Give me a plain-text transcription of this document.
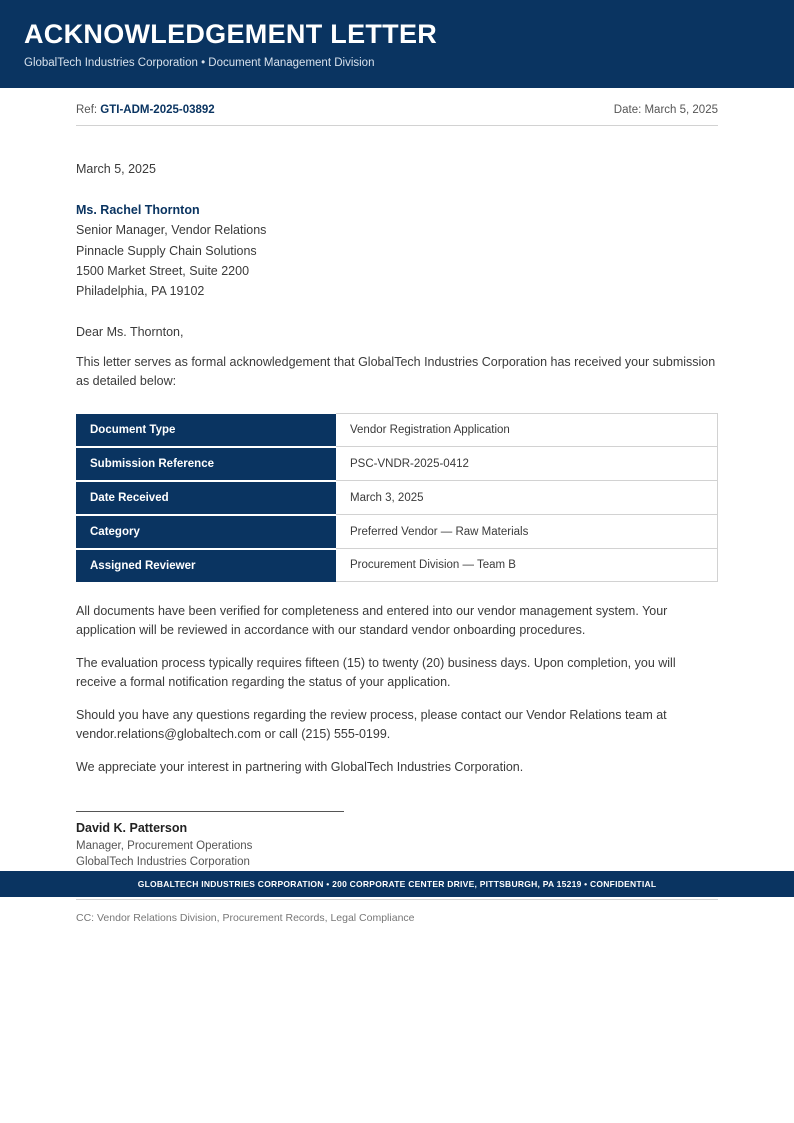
ACKNOWLEDGEMENT LETTER
GlobalTech Industries Corporation • Document Management Division
Ref: GTI-ADM-2025-03892	Date: March 5, 2025
March 5, 2025
Ms. Rachel Thornton
Senior Manager, Vendor Relations
Pinnacle Supply Chain Solutions
1500 Market Street, Suite 2200
Philadelphia, PA 19102
Dear Ms. Thornton,
This letter serves as formal acknowledgement that GlobalTech Industries Corporation has received your submission as detailed below:
Document Type	Vendor Registration Application
Submission Reference	PSC-VNDR-2025-0412
Date Received	March 3, 2025
Category	Preferred Vendor — Raw Materials
Assigned Reviewer	Procurement Division — Team B
All documents have been verified for completeness and entered into our vendor management system. Your application will be reviewed in accordance with our standard vendor onboarding procedures.
The evaluation process typically requires fifteen (15) to twenty (20) business days. Upon completion, you will receive a formal notification regarding the status of your application.
Should you have any questions regarding the review process, please contact our Vendor Relations team at vendor.relations@globaltech.com or call (215) 555-0199.
We appreciate your interest in partnering with GlobalTech Industries Corporation.
David K. Patterson
Manager, Procurement Operations
GlobalTech Industries Corporation
CC: Vendor Relations Division, Procurement Records, Legal Compliance
GLOBALTECH INDUSTRIES CORPORATION • 200 CORPORATE CENTER DRIVE, PITTSBURGH, PA 15219 • CONFIDENTIAL
